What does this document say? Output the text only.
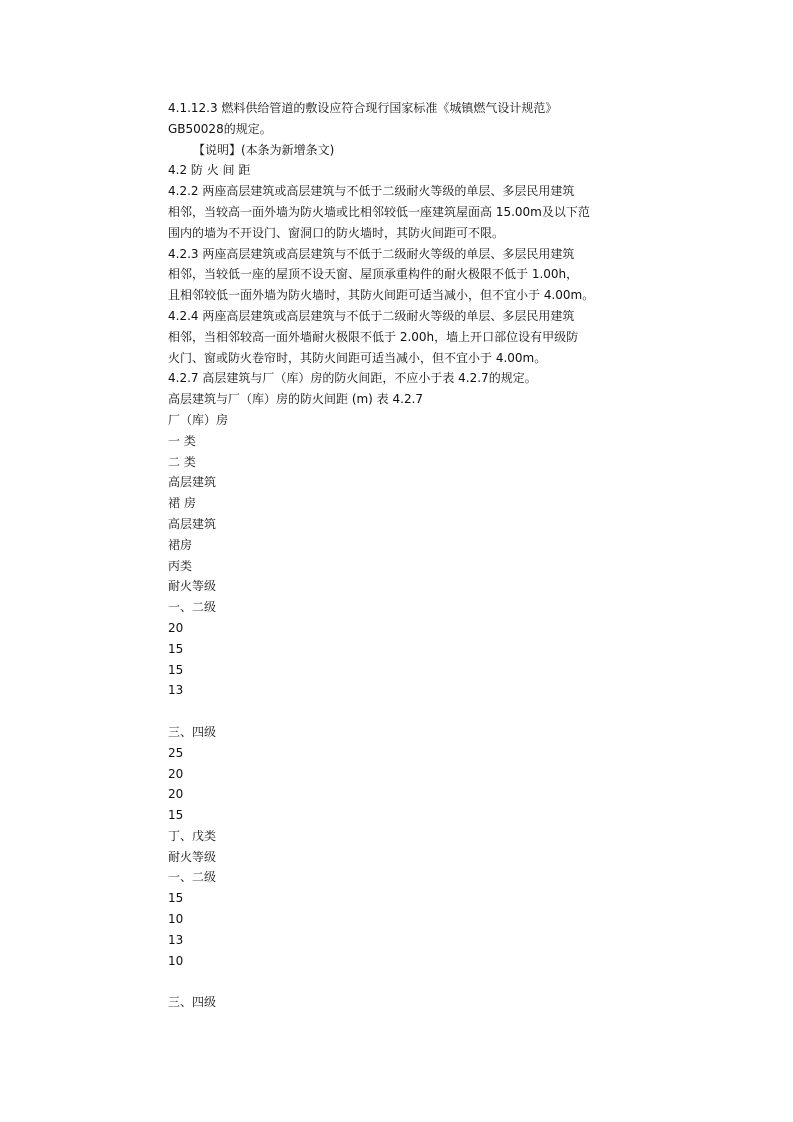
4.1.12.3 燃料供给管道的敷设应符合现行国家标准《城镇燃气设计规范》
GB50028的规定。
【说明】(本条为新增条文)
4.2 防 火 间 距
4.2.2 两座高层建筑或高层建筑与不低于二级耐火等级的单层、多层民用建筑
相邻，当较高一面外墙为防火墙或比相邻较低一座建筑屋面高 15.00m及以下范
围内的墙为不开设门、窗洞口的防火墙时，其防火间距可不限。
4.2.3 两座高层建筑或高层建筑与不低于二级耐火等级的单层、多层民用建筑
相邻，当较低一座的屋顶不设天窗、屋顶承重构件的耐火极限不低于 1.00h，
且相邻较低一面外墙为防火墙时，其防火间距可适当减小，但不宜小于 4.00m。
4.2.4 两座高层建筑或高层建筑与不低于二级耐火等级的单层、多层民用建筑
相邻，当相邻较高一面外墙耐火极限不低于 2.00h，墙上开口部位设有甲级防
火门、窗或防火卷帘时，其防火间距可适当减小，但不宜小于 4.00m。
4.2.7 高层建筑与厂（库）房的防火间距，不应小于表 4.2.7的规定。
高层建筑与厂（库）房的防火间距 (m) 表 4.2.7
厂（库）房
一 类
二 类
高层建筑
裙 房
高层建筑
裙房
丙类
耐火等级
一、二级
20
15
15
13
三、四级
25
20
20
15
丁、戊类
耐火等级
一、二级
15
10
13
10
三、四级
